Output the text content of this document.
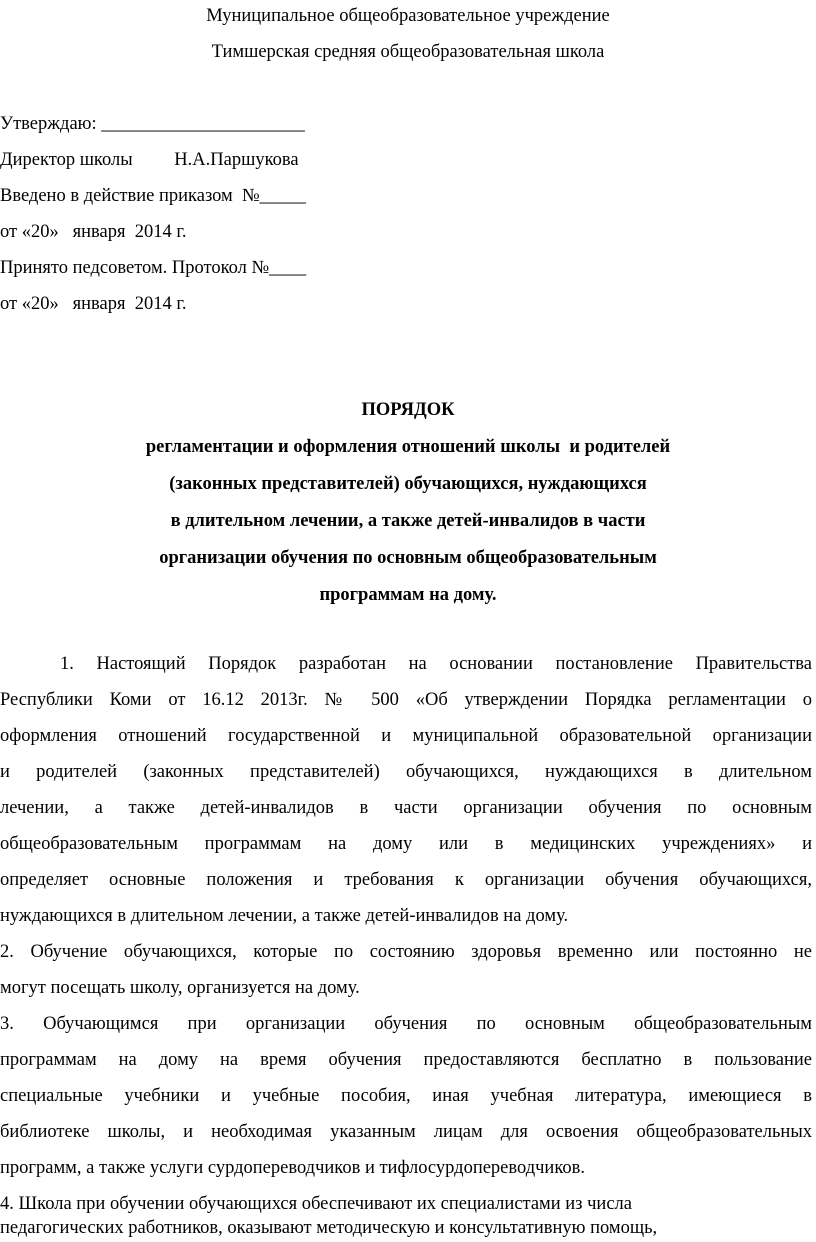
Муниципальное общеобразовательное учреждение
Тимшерская средняя общеобразовательная школа
Утверждаю: ______________________
Директор школы         Н.А.Паршукова
Введено в действие приказом  №_____
от «20»   января  2014 г.
Принято педсоветом. Протокол №____
от «20»   января  2014 г.
ПОРЯДОК
регламентации и оформления отношений школы  и родителей
(законных представителей) обучающихся, нуждающихся
в длительном лечении, а также детей-инвалидов в части
организации обучения по основным общеобразовательным
программам на дому.
1. Настоящий Порядок разработан на основании постановление Правительства
Республики Коми от 16.12 2013г. № 500 «Об утверждении Порядка регламентации о
оформления отношений государственной и муниципальной образовательной организации
и родителей (законных представителей) обучающихся, нуждающихся в длительном
лечении, а также детей-инвалидов в части организации обучения по основным
общеобразовательным программам на дому или в медицинских учреждениях» и
определяет основные положения и требования к организации обучения обучающихся,
нуждающихся в длительном лечении, а также детей-инвалидов на дому.
2. Обучение обучающихся, которые по состоянию здоровья временно или постоянно не
могут посещать школу, организуется на дому.
3. Обучающимся при организации обучения по основным общеобразовательным
программам на дому на время обучения предоставляются бесплатно в пользование
специальные учебники и учебные пособия, иная учебная литература, имеющиеся в
библиотеке школы, и необходимая указанным лицам для освоения общеобразовательных
программ, а также услуги сурдопереводчиков и тифлосурдопереводчиков.
4. Школа при обучении обучающихся обеспечивают их специалистами из числа
педагогических работников, оказывают методическую и консультативную помощь,
